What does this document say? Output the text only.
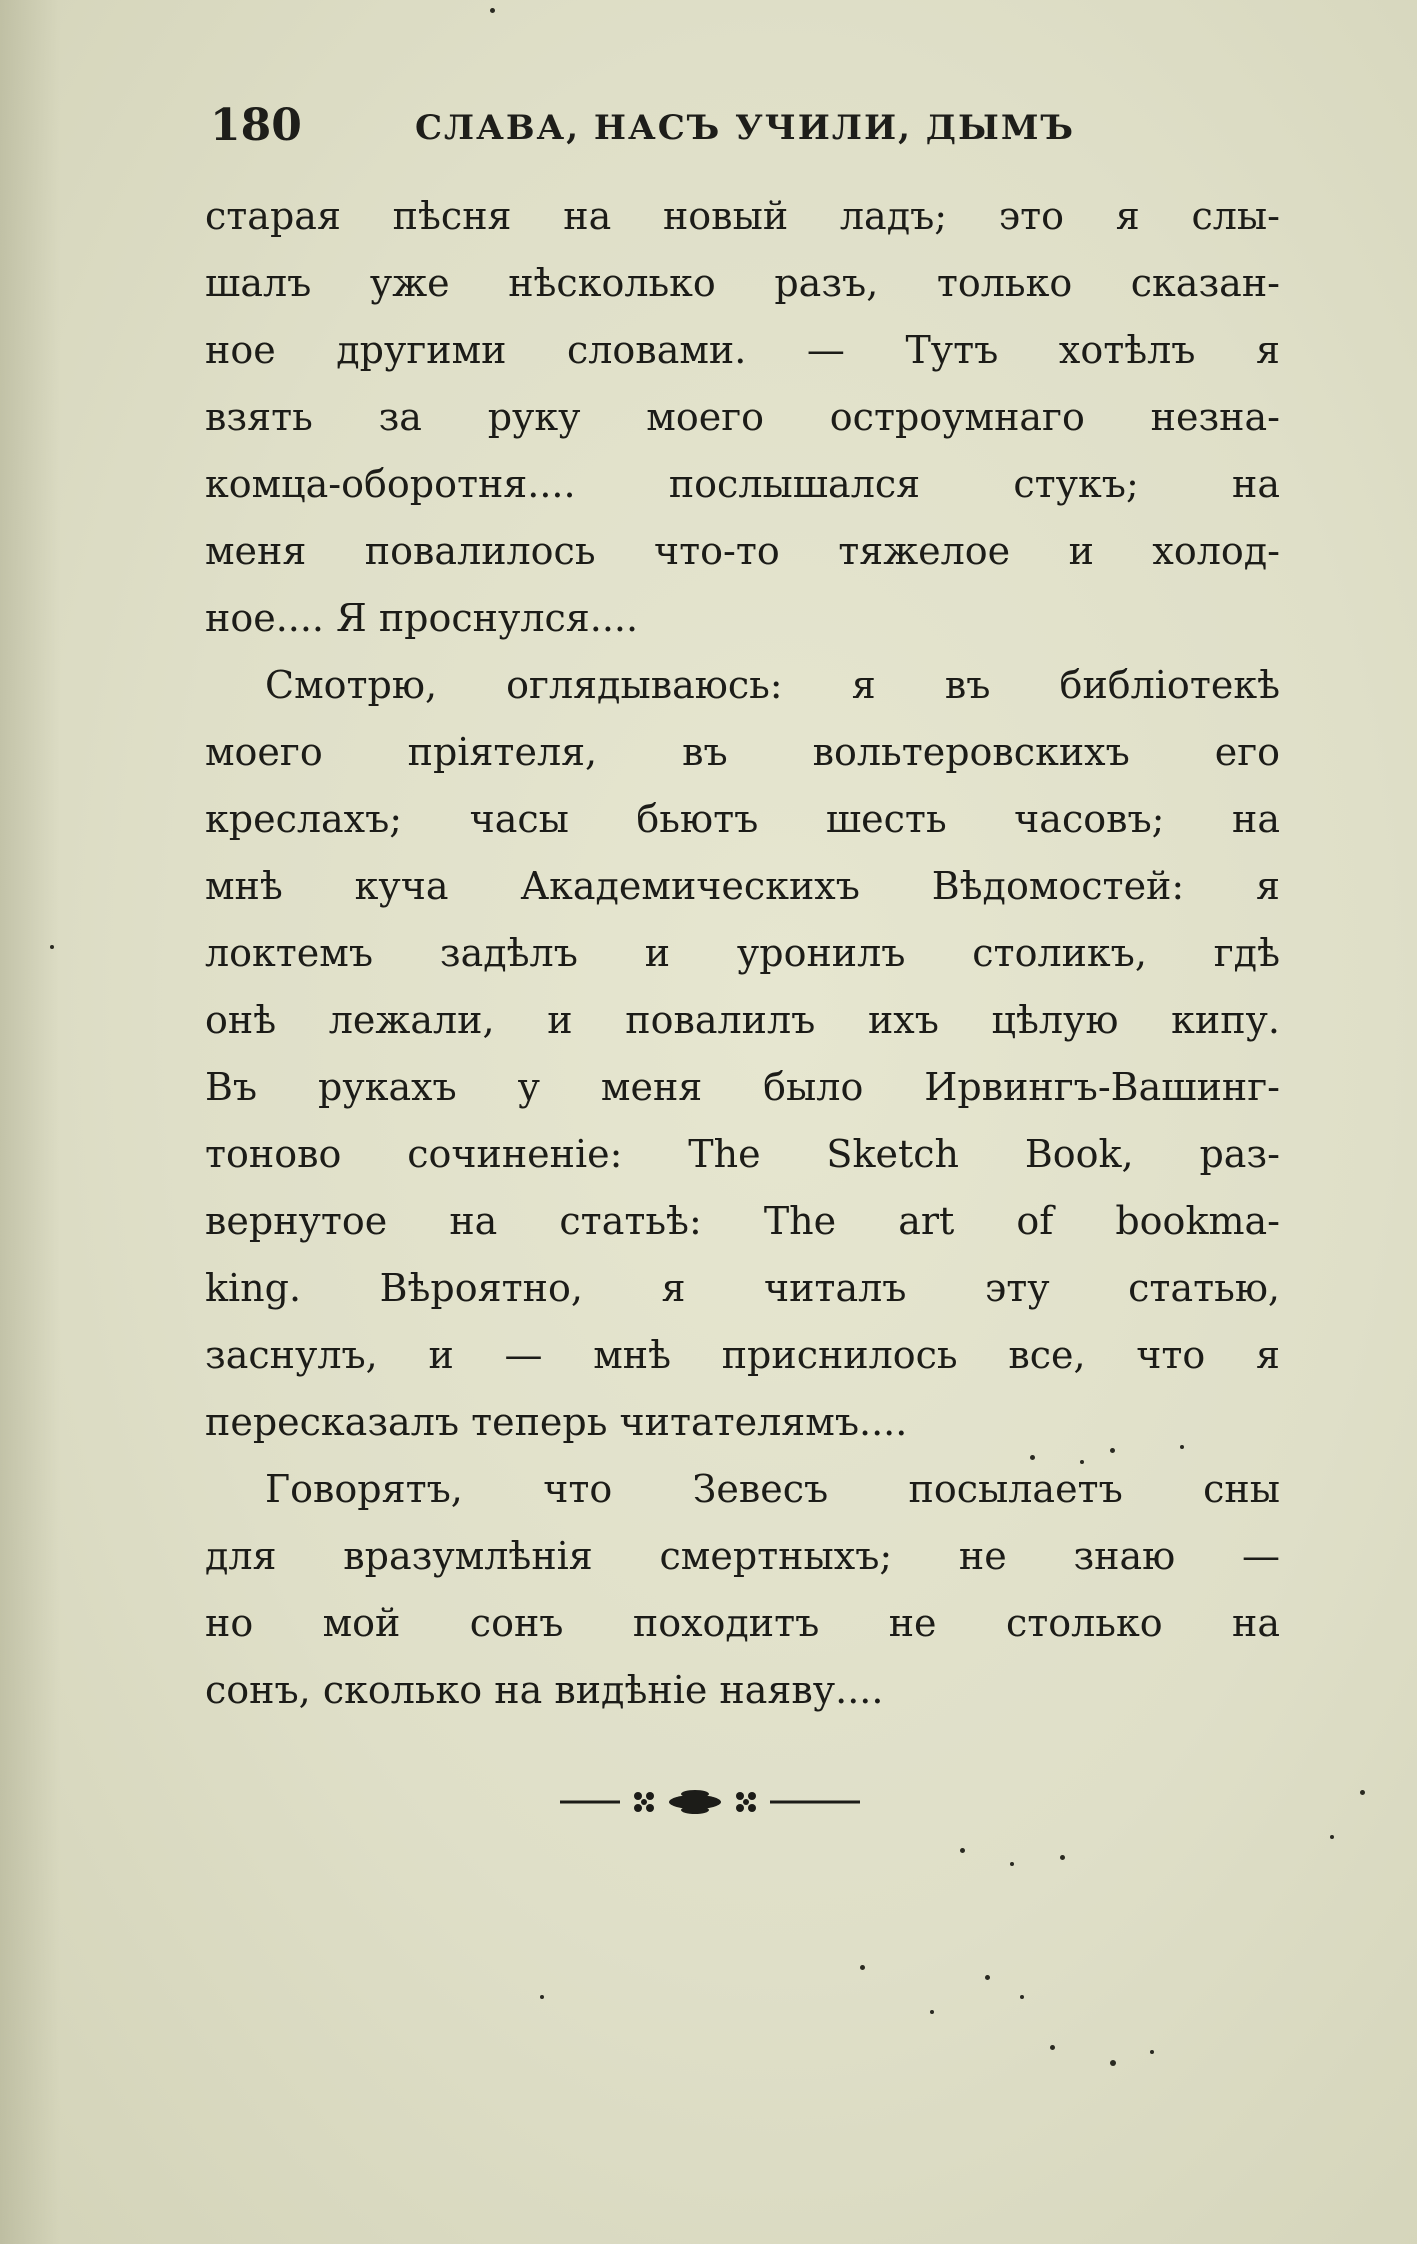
180	СЛАВА, НАСЪ УЧИЛИ, ДЫМЪ
старая пѣсня на новый ладъ; это я слы-
шалъ уже нѣсколько разъ, только сказан-
ное другими словами. — Тутъ хотѣлъ я
взять за руку моего остроумнаго незна-
комца-оборотня.... послышался стукъ; на
меня повалилось что-то тяжелое и холод-
ное.... Я проснулся....
Смотрю, оглядываюсь: я въ библіотекѣ
моего пріятеля, въ вольтеровскихъ его
креслахъ; часы бьютъ шесть часовъ; на
мнѣ куча Академическихъ Вѣдомостей: я
локтемъ задѣлъ и уронилъ столикъ, гдѣ
онѣ лежали, и повалилъ ихъ цѣлую кипу.
Въ рукахъ у меня было Ирвингъ-Вашинг-
тоново сочиненіе: The Sketch Book, раз-
вернутое на статьѣ: The art of bookma-
king. Вѣроятно, я читалъ эту статью,
заснулъ, и — мнѣ приснилось все, что я
пересказалъ теперь читателямъ....
Говорятъ, что Зевесъ посылаетъ сны
для вразумлѣнія смертныхъ; не знаю —
но мой сонъ походитъ не столько на
сонъ, сколько на видѣніе наяву....
